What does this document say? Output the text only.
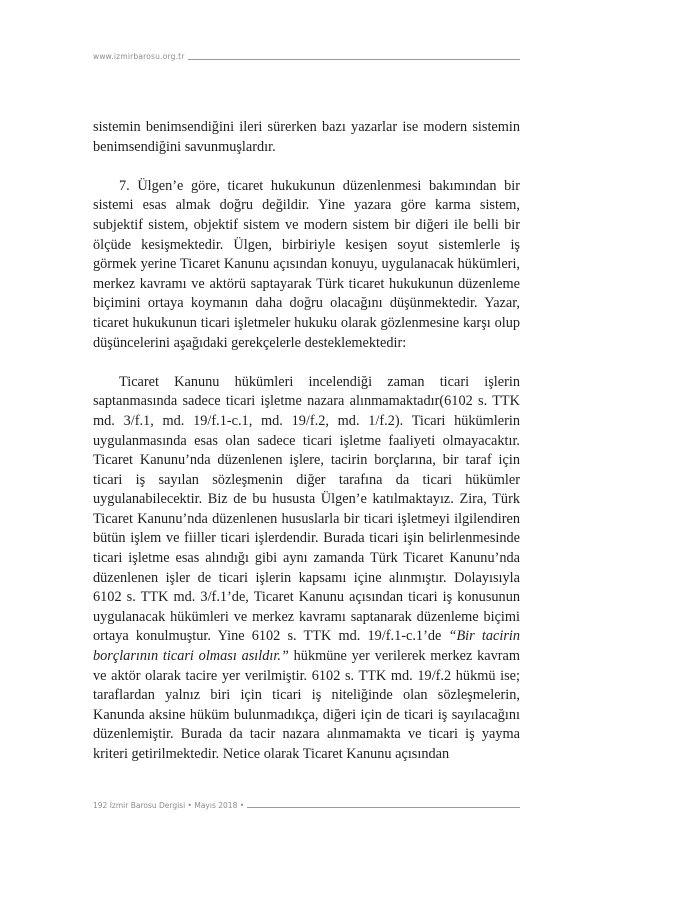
www.izmirbarosu.org.tr

sistemin benimsendiğini ileri sürerken bazı yazarlar ise modern sistemin benimsendiğini savunmuşlardır.

7. Ülgen’e göre, ticaret hukukunun düzenlenmesi bakımından bir sistemi esas almak doğru değildir. Yine yazara göre karma sistem, subjektif sistem, objektif sistem ve modern sistem bir diğeri ile belli bir ölçüde kesişmektedir. Ülgen, birbiriyle kesişen soyut sistemlerle iş görmek yerine Ticaret Kanunu açısından konuyu, uygulanacak hükümleri, merkez kavramı ve aktörü saptayarak Türk ticaret hukukunun düzenleme biçimini ortaya koymanın daha doğru olacağını düşünmektedir. Yazar, ticaret hukukunun ticari işletmeler hukuku olarak gözlenmesine karşı olup düşüncelerini aşağıdaki gerekçelerle desteklemektedir:

Ticaret Kanunu hükümleri incelendiği zaman ticari işlerin saptanmasında sadece ticari işletme nazara alınmamaktadır(6102 s. TTK md. 3/f.1, md. 19/f.1-c.1, md. 19/f.2, md. 1/f.2). Ticari hükümlerin uygulanmasında esas olan sadece ticari işletme faaliyeti olmayacaktır. Ticaret Kanunu’nda düzenlenen işlere, tacirin borçlarına, bir taraf için ticari iş sayılan sözleşmenin diğer tarafına da ticari hükümler uygulanabilecektir. Biz de bu hususta Ülgen’e katılmaktayız. Zira, Türk Ticaret Kanunu’nda düzenlenen hususlarla bir ticari işletmeyi ilgilendiren bütün işlem ve fiiller ticari işlerdendir. Burada ticari işin belirlenmesinde ticari işletme esas alındığı gibi aynı zamanda Türk Ticaret Kanunu’nda düzenlenen işler de ticari işlerin kapsamı içine alınmıştır. Dolayısıyla 6102 s. TTK md. 3/f.1’de, Ticaret Kanunu açısından ticari iş konusunun uygulanacak hükümleri ve merkez kavramı saptanarak düzenleme biçimi ortaya konulmuştur. Yine 6102 s. TTK md. 19/f.1-c.1’de “Bir tacirin borçlarının ticari olması asıldır.” hükmüne yer verilerek merkez kavram ve aktör olarak tacire yer verilmiştir. 6102 s. TTK md. 19/f.2 hükmü ise; taraflardan yalnız biri için ticari iş niteliğinde olan sözleşmelerin, Kanunda aksine hüküm bulunmadıkça, diğeri için de ticari iş sayılacağını düzenlemiştir. Burada da tacir nazara alınmamakta ve ticari iş yayma kriteri getirilmektedir. Netice olarak Ticaret Kanunu açısından

192 İzmir Barosu Dergisi • Mayıs 2018 •
